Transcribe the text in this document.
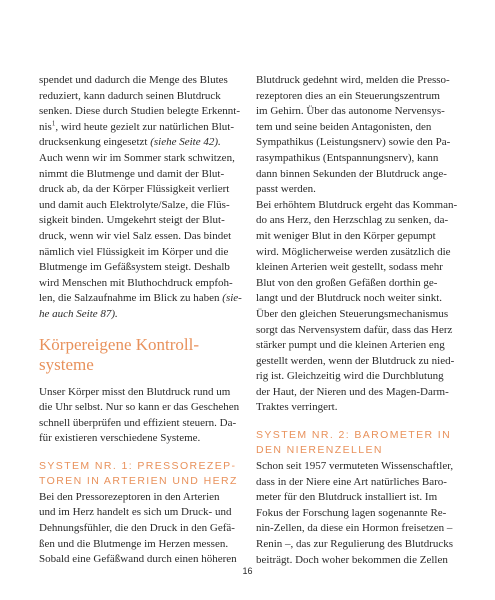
spendet und dadurch die Menge des Blutes
reduziert, kann dadurch seinen Blutdruck
senken. Diese durch Studien belegte Erkennt-
nis$^1$, wird heute gezielt zur natürlichen Blut-
drucksenkung eingesetzt (siehe Seite 42).
Auch wenn wir im Sommer stark schwitzen,
nimmt die Blutmenge und damit der Blut-
druck ab, da der Körper Flüssigkeit verliert
und damit auch Elektrolyte/Salze, die Flüs-
sigkeit binden. Umgekehrt steigt der Blut-
druck, wenn wir viel Salz essen. Das bindet
nämlich viel Flüssigkeit im Körper und die
Blutmenge im Gefäßsystem steigt. Deshalb
wird Menschen mit Bluthochdruck empfoh-
len, die Salzaufnahme im Blick zu haben (sie-
he auch Seite 87).
Körpereigene Kontroll-
systeme
Unser Körper misst den Blutdruck rund um
die Uhr selbst. Nur so kann er das Geschehen
schnell überprüfen und effizient steuern. Da-
für existieren verschiedene Systeme.
SYSTEM NR. 1: PRESSOREZEP-
TOREN IN ARTERIEN UND HERZ
Bei den Pressorezeptoren in den Arterien
und im Herz handelt es sich um Druck- und
Dehnungsfühler, die den Druck in den Gefä-
ßen und die Blutmenge im Herzen messen.
Sobald eine Gefäßwand durch einen höheren
Blutdruck gedehnt wird, melden die Presso-
rezeptoren dies an ein Steuerungszentrum
im Gehirn. Über das autonome Nervensys-
tem und seine beiden Antagonisten, den
Sympathikus (Leistungsnerv) sowie den Pa-
rasympathikus (Entspannungsnerv), kann
dann binnen Sekunden der Blutdruck ange-
passt werden.
Bei erhöhtem Blutdruck ergeht das Komman-
do ans Herz, den Herzschlag zu senken, da-
mit weniger Blut in den Körper gepumpt
wird. Möglicherweise werden zusätzlich die
kleinen Arterien weit gestellt, sodass mehr
Blut von den großen Gefäßen dorthin ge-
langt und der Blutdruck noch weiter sinkt.
Über den gleichen Steuerungsmechanismus
sorgt das Nervensystem dafür, dass das Herz
stärker pumpt und die kleinen Arterien eng
gestellt werden, wenn der Blutdruck zu nied-
rig ist. Gleichzeitig wird die Durchblutung
der Haut, der Nieren und des Magen-Darm-
Traktes verringert.
SYSTEM NR. 2: BAROMETER IN
DEN NIERENZELLEN
Schon seit 1957 vermuteten Wissenschaftler,
dass in der Niere eine Art natürliches Baro-
meter für den Blutdruck installiert ist. Im
Fokus der Forschung lagen sogenannte Re-
nin-Zellen, da diese ein Hormon freisetzen –
Renin –, das zur Regulierung des Blutdrucks
beiträgt. Doch woher bekommen die Zellen
16
